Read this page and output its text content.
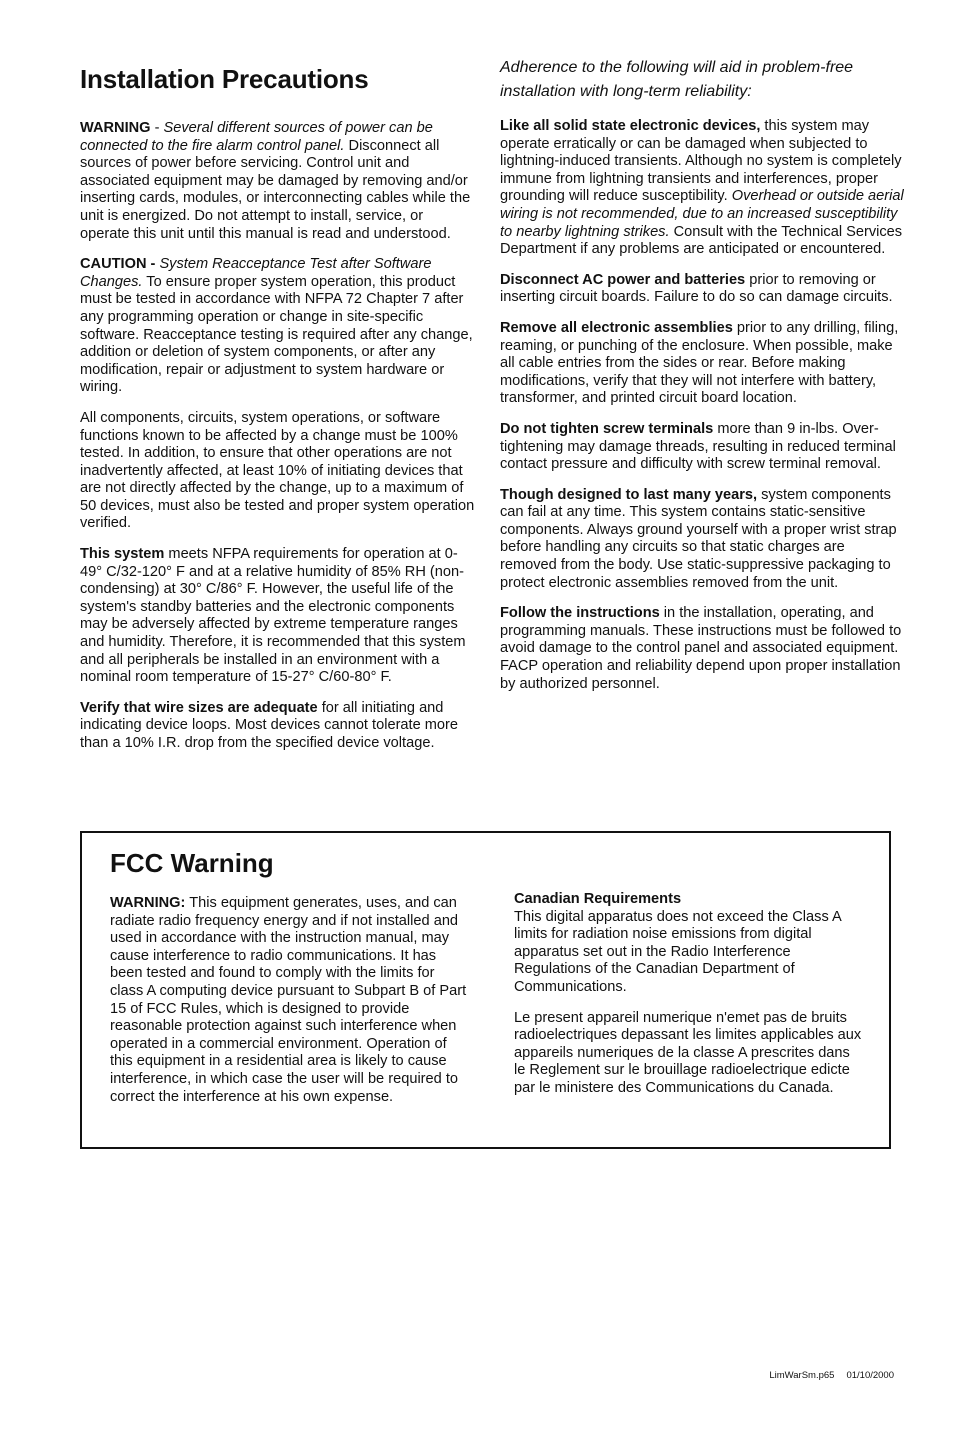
Installation Precautions

WARNING - Several different sources of power can be connected to the fire alarm control panel. Disconnect all sources of power before servicing. Control unit and associated equipment may be damaged by removing and/or inserting cards, modules, or interconnecting cables while the unit is energized. Do not attempt to install, service, or operate this unit until this manual is read and understood.

CAUTION - System Reacceptance Test after Software Changes. To ensure proper system operation, this product must be tested in accordance with NFPA 72 Chapter 7 after any programming operation or change in site-specific software. Reacceptance testing is required after any change, addition or deletion of system components, or after any modification, repair or adjustment to system hardware or wiring.

All components, circuits, system operations, or software functions known to be affected by a change must be 100% tested. In addition, to ensure that other operations are not inadvertently affected, at least 10% of initiating devices that are not directly affected by the change, up to a maximum of 50 devices, must also be tested and proper system operation verified.

This system meets NFPA requirements for operation at 0-49° C/32-120° F and at a relative humidity of 85% RH (non-condensing) at 30° C/86° F. However, the useful life of the system's standby batteries and the electronic components may be adversely affected by extreme temperature ranges and humidity. Therefore, it is recommended that this system and all peripherals be installed in an environment with a nominal room temperature of 15-27° C/60-80° F.

Verify that wire sizes are adequate for all initiating and indicating device loops. Most devices cannot tolerate more than a 10% I.R. drop from the specified device voltage.

Adherence to the following will aid in problem-free installation with long-term reliability:

Like all solid state electronic devices, this system may operate erratically or can be damaged when subjected to lightning-induced transients. Although no system is completely immune from lightning transients and interferences, proper grounding will reduce susceptibility. Overhead or outside aerial wiring is not recommended, due to an increased susceptibility to nearby lightning strikes. Consult with the Technical Services Department if any problems are anticipated or encountered.

Disconnect AC power and batteries prior to removing or inserting circuit boards. Failure to do so can damage circuits.

Remove all electronic assemblies prior to any drilling, filing, reaming, or punching of the enclosure. When possible, make all cable entries from the sides or rear. Before making modifications, verify that they will not interfere with battery, transformer, and printed circuit board location.

Do not tighten screw terminals more than 9 in-lbs. Over-tightening may damage threads, resulting in reduced terminal contact pressure and difficulty with screw terminal removal.

Though designed to last many years, system components can fail at any time. This system contains static-sensitive components. Always ground yourself with a proper wrist strap before handling any circuits so that static charges are removed from the body. Use static-suppressive packaging to protect electronic assemblies removed from the unit.

Follow the instructions in the installation, operating, and programming manuals. These instructions must be followed to avoid damage to the control panel and associated equipment. FACP operation and reliability depend upon proper installation by authorized personnel.

FCC Warning

WARNING: This equipment generates, uses, and can radiate radio frequency energy and if not installed and used in accordance with the instruction manual, may cause interference to radio communications. It has been tested and found to comply with the limits for class A computing device pursuant to Subpart B of Part 15 of FCC Rules, which is designed to provide reasonable protection against such interference when operated in a commercial environment. Operation of this equipment in a residential area is likely to cause interference, in which case the user will be required to correct the interference at his own expense.

Canadian Requirements
This digital apparatus does not exceed the Class A limits for radiation noise emissions from digital apparatus set out in the Radio Interference Regulations of the Canadian Department of Communications.

Le present appareil numerique n'emet pas de bruits radioelectriques depassant les limites applicables aux appareils numeriques de la classe A prescrites dans le Reglement sur le brouillage radioelectrique edicte par le ministere des Communications du Canada.

LimWarSm.p65 01/10/2000
